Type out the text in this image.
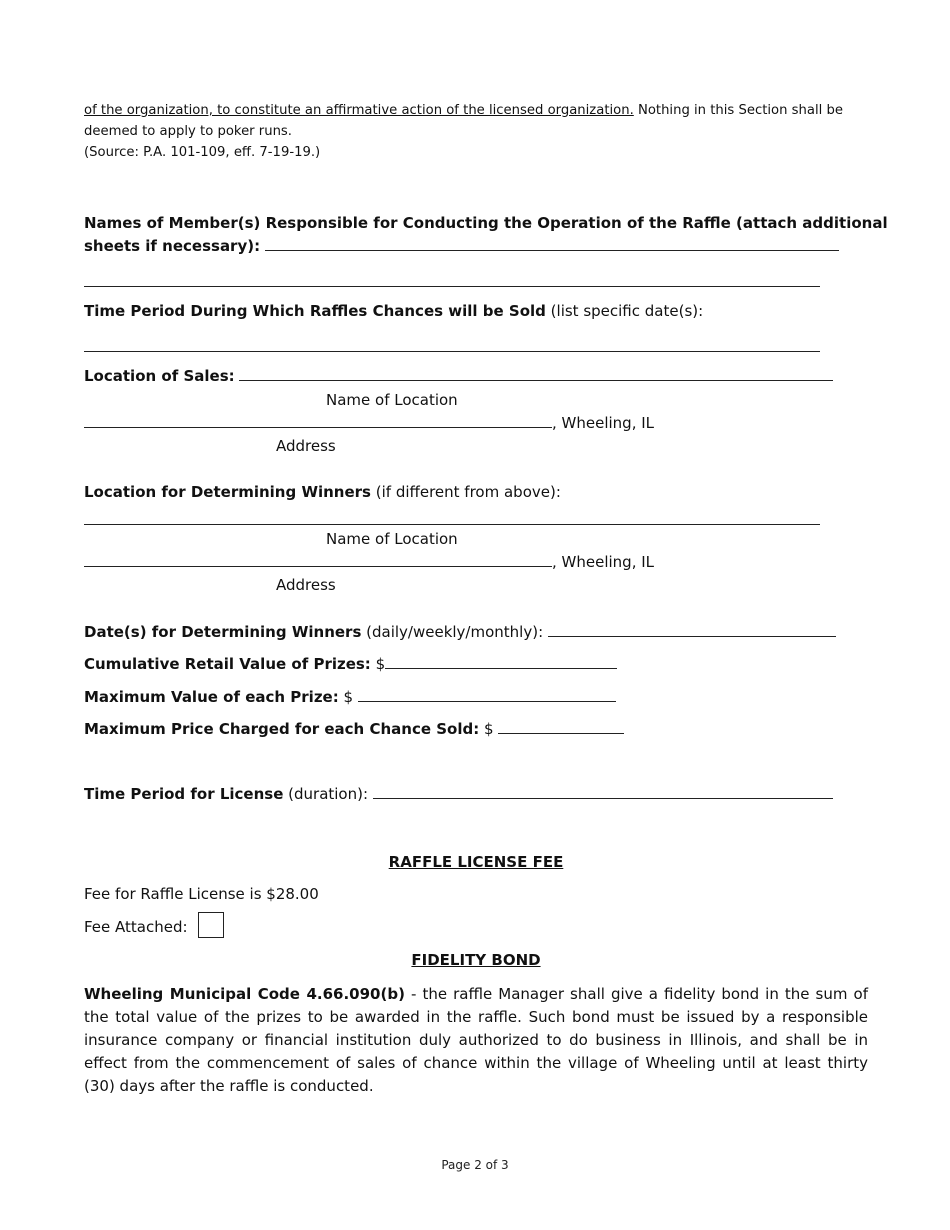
of the organization, to constitute an affirmative action of the licensed organization. Nothing in this Section shall be
deemed to apply to poker runs.
(Source: P.A. 101-109, eff. 7-19-19.)
Names of Member(s) Responsible for Conducting the Operation of the Raffle (attach additional
sheets if necessary):
Time Period During Which Raffles Chances will be Sold (list specific date(s):
Location of Sales:
Name of Location
, Wheeling, IL
Address
Location for Determining Winners (if different from above):
Name of Location
, Wheeling, IL
Address
Date(s) for Determining Winners (daily/weekly/monthly):
Cumulative Retail Value of Prizes: $
Maximum Value of each Prize: $
Maximum Price Charged for each Chance Sold: $
Time Period for License (duration):
RAFFLE LICENSE FEE
Fee for Raffle License is $28.00
Fee Attached:
FIDELITY BOND
Wheeling Municipal Code 4.66.090(b) - the raffle Manager shall give a fidelity bond in the sum of the total value of the prizes to be awarded in the raffle. Such bond must be issued by a responsible insurance company or financial institution duly authorized to do business in Illinois, and shall be in effect from the commencement of sales of chance within the village of Wheeling until at least thirty (30) days after the raffle is conducted.
Page 2 of 3
